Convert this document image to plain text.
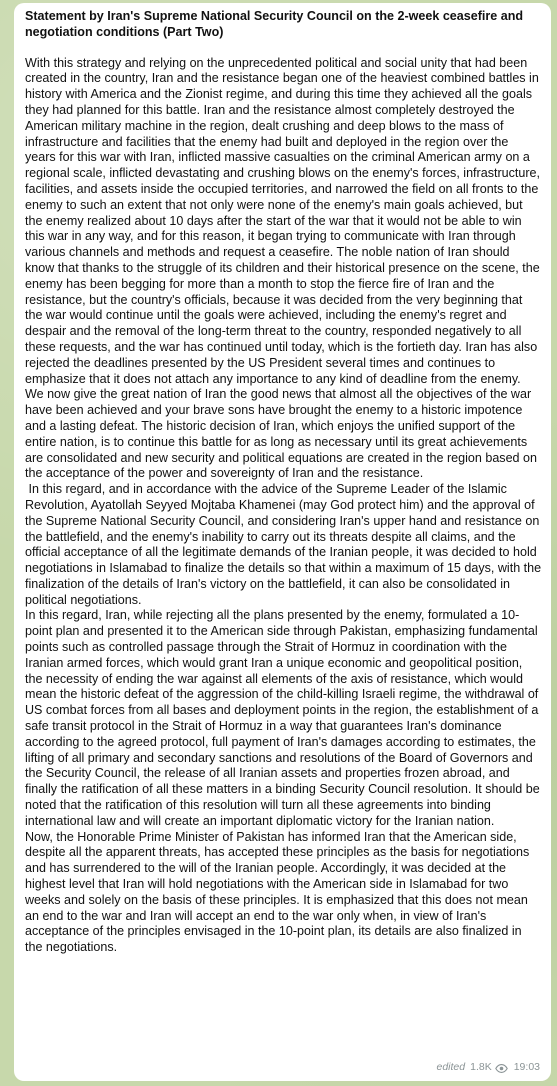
Statement by Iran's Supreme National Security Council on the 2-week ceasefire and negotiation conditions (Part Two)

With this strategy and relying on the unprecedented political and social unity that had been created in the country, Iran and the resistance began one of the heaviest combined battles in history with America and the Zionist regime, and during this time they achieved all the goals they had planned for this battle. Iran and the resistance almost completely destroyed the American military machine in the region, dealt crushing and deep blows to the mass of infrastructure and facilities that the enemy had built and deployed in the region over the years for this war with Iran, inflicted massive casualties on the criminal American army on a regional scale, inflicted devastating and crushing blows on the enemy's forces, infrastructure, facilities, and assets inside the occupied territories, and narrowed the field on all fronts to the enemy to such an extent that not only were none of the enemy's main goals achieved, but the enemy realized about 10 days after the start of the war that it would not be able to win this war in any way, and for this reason, it began trying to communicate with Iran through various channels and methods and request a ceasefire. The noble nation of Iran should know that thanks to the struggle of its children and their historical presence on the scene, the enemy has been begging for more than a month to stop the fierce fire of Iran and the resistance, but the country's officials, because it was decided from the very beginning that the war would continue until the goals were achieved, including the enemy's regret and despair and the removal of the long-term threat to the country, responded negatively to all these requests, and the war has continued until today, which is the fortieth day. Iran has also rejected the deadlines presented by the US President several times and continues to emphasize that it does not attach any importance to any kind of deadline from the enemy.

We now give the great nation of Iran the good news that almost all the objectives of the war have been achieved and your brave sons have brought the enemy to a historic impotence and a lasting defeat. The historic decision of Iran, which enjoys the unified support of the entire nation, is to continue this battle for as long as necessary until its great achievements are consolidated and new security and political equations are created in the region based on the acceptance of the power and sovereignty of Iran and the resistance.

In this regard, and in accordance with the advice of the Supreme Leader of the Islamic Revolution, Ayatollah Seyyed Mojtaba Khamenei (may God protect him) and the approval of the Supreme National Security Council, and considering Iran's upper hand and resistance on the battlefield, and the enemy's inability to carry out its threats despite all claims, and the official acceptance of all the legitimate demands of the Iranian people, it was decided to hold negotiations in Islamabad to finalize the details so that within a maximum of 15 days, with the finalization of the details of Iran's victory on the battlefield, it can also be consolidated in political negotiations.

In this regard, Iran, while rejecting all the plans presented by the enemy, formulated a 10-point plan and presented it to the American side through Pakistan, emphasizing fundamental points such as controlled passage through the Strait of Hormuz in coordination with the Iranian armed forces, which would grant Iran a unique economic and geopolitical position, the necessity of ending the war against all elements of the axis of resistance, which would mean the historic defeat of the aggression of the child-killing Israeli regime, the withdrawal of US combat forces from all bases and deployment points in the region, the establishment of a safe transit protocol in the Strait of Hormuz in a way that guarantees Iran's dominance according to the agreed protocol, full payment of Iran's damages according to estimates, the lifting of all primary and secondary sanctions and resolutions of the Board of Governors and the Security Council, the release of all Iranian assets and properties frozen abroad, and finally the ratification of all these matters in a binding Security Council resolution. It should be noted that the ratification of this resolution will turn all these agreements into binding international law and will create an important diplomatic victory for the Iranian nation.

Now, the Honorable Prime Minister of Pakistan has informed Iran that the American side, despite all the apparent threats, has accepted these principles as the basis for negotiations and has surrendered to the will of the Iranian people. Accordingly, it was decided at the highest level that Iran will hold negotiations with the American side in Islamabad for two weeks and solely on the basis of these principles. It is emphasized that this does not mean an end to the war and Iran will accept an end to the war only when, in view of Iran's acceptance of the principles envisaged in the 10-point plan, its details are also finalized in the negotiations.

edited 1.8K 19:03
